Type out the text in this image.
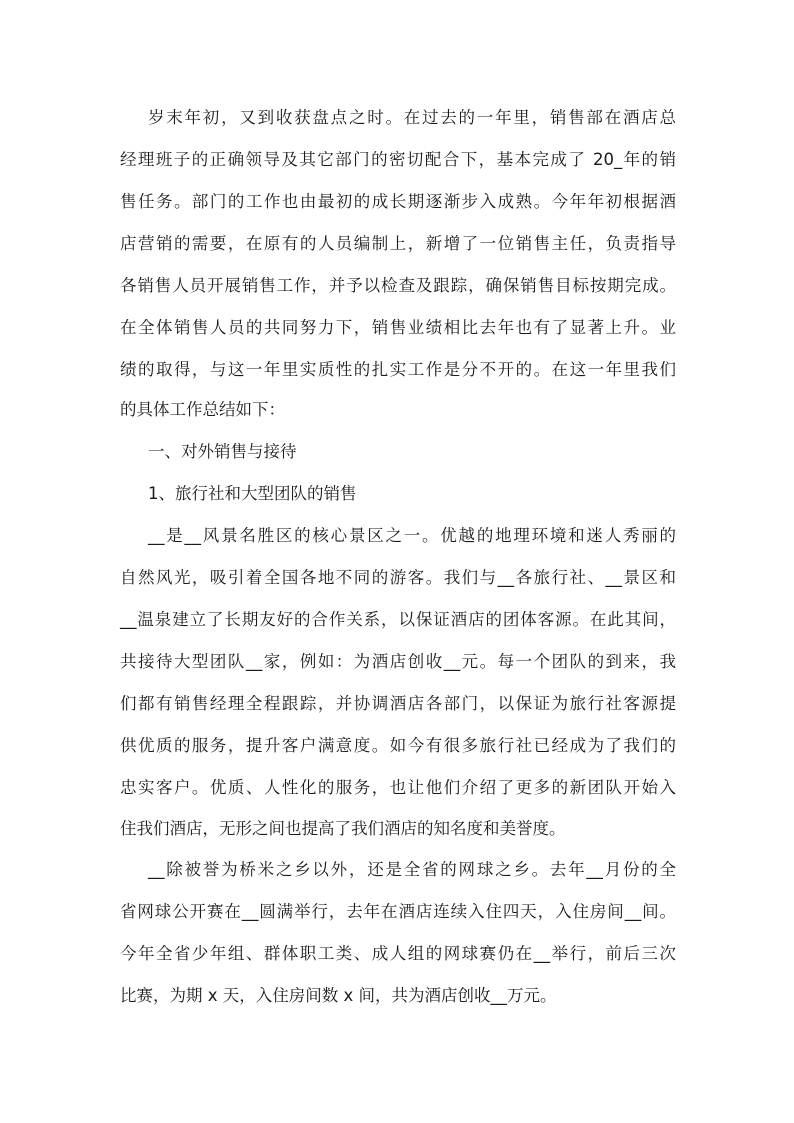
岁末年初，又到收获盘点之时。在过去的一年里，销售部在酒店总
经理班子的正确领导及其它部门的密切配合下，基本完成了 20_年的销
售任务。部门的工作也由最初的成长期逐渐步入成熟。今年年初根据酒
店营销的需要，在原有的人员编制上，新增了一位销售主任，负责指导
各销售人员开展销售工作，并予以检查及跟踪，确保销售目标按期完成。
在全体销售人员的共同努力下，销售业绩相比去年也有了显著上升。业
绩的取得，与这一年里实质性的扎实工作是分不开的。在这一年里我们
的具体工作总结如下：
一、对外销售与接待
1、旅行社和大型团队的销售
__是__风景名胜区的核心景区之一。优越的地理环境和迷人秀丽的
自然风光，吸引着全国各地不同的游客。我们与__各旅行社、__景区和
__温泉建立了长期友好的合作关系，以保证酒店的团体客源。在此其间，
共接待大型团队__家，例如：为酒店创收__元。每一个团队的到来，我
们都有销售经理全程跟踪，并协调酒店各部门，以保证为旅行社客源提
供优质的服务，提升客户满意度。如今有很多旅行社已经成为了我们的
忠实客户。优质、人性化的服务，也让他们介绍了更多的新团队开始入
住我们酒店，无形之间也提高了我们酒店的知名度和美誉度。
__除被誉为桥米之乡以外，还是全省的网球之乡。去年__月份的全
省网球公开赛在__圆满举行，去年在酒店连续入住四天，入住房间__间。
今年全省少年组、群体职工类、成人组的网球赛仍在__举行，前后三次
比赛，为期 x 天，入住房间数 x 间，共为酒店创收__万元。
